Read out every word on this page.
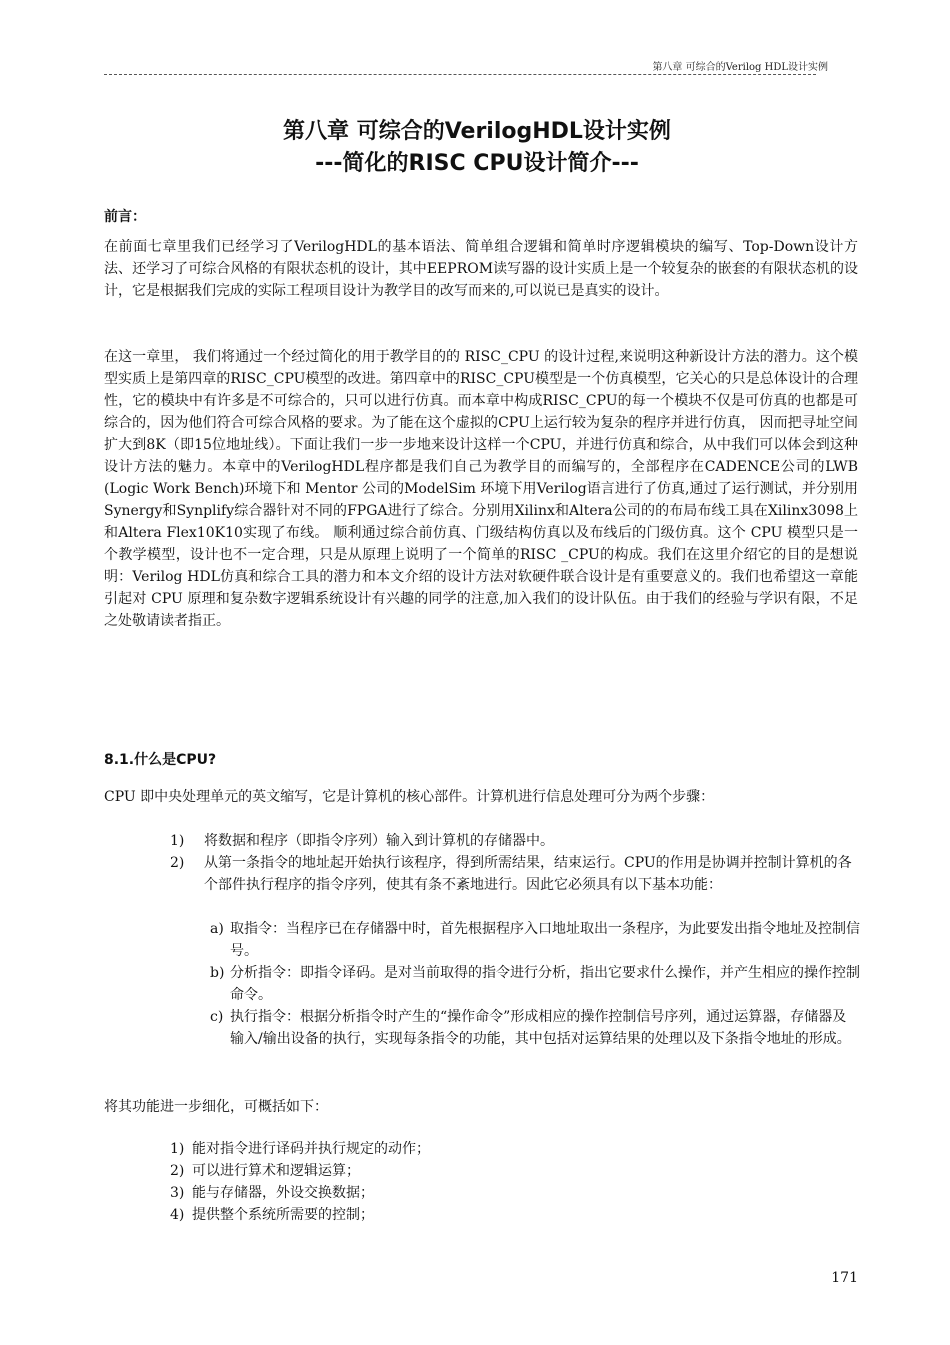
第八章 可综合的Verilog HDL设计实例
第八章 可综合的VerilogHDL设计实例
---简化的RISC CPU设计简介---
前言：

在前面七章里我们已经学习了VerilogHDL的基本语法、简单组合逻辑和简单时序逻辑模块的编写、Top-Down设计方法、还学习了可综合风格的有限状态机的设计，其中EEPROM读写器的设计实质上是一个较复杂的嵌套的有限状态机的设计，它是根据我们完成的实际工程项目设计为教学目的改写而来的,可以说已是真实的设计。

在这一章里， 我们将通过一个经过简化的用于教学目的的 RISC_CPU 的设计过程,来说明这种新设计方法的潜力。这个模型实质上是第四章的RISC_CPU模型的改进。第四章中的RISC_CPU模型是一个仿真模型，它关心的只是总体设计的合理性，它的模块中有许多是不可综合的，只可以进行仿真。而本章中构成RISC_CPU的每一个模块不仅是可仿真的也都是可综合的，因为他们符合可综合风格的要求。为了能在这个虚拟的CPU上运行较为复杂的程序并进行仿真， 因而把寻址空间扩大到8K（即15位地址线）。下面让我们一步一步地来设计这样一个CPU，并进行仿真和综合，从中我们可以体会到这种设计方法的魅力。本章中的VerilogHDL程序都是我们自己为教学目的而编写的，全部程序在CADENCE公司的LWB (Logic Work Bench)环境下和 Mentor 公司的ModelSim 环境下用Verilog语言进行了仿真,通过了运行测试，并分别用Synergy和Synplify综合器针对不同的FPGA进行了综合。分别用Xilinx和Altera公司的的布局布线工具在Xilinx3098上和Altera Flex10K10实现了布线。 顺利通过综合前仿真、门级结构仿真以及布线后的门级仿真。这个 CPU 模型只是一个教学模型，设计也不一定合理，只是从原理上说明了一个简单的RISC _CPU的构成。我们在这里介绍它的目的是想说明：Verilog HDL仿真和综合工具的潜力和本文介绍的设计方法对软硬件联合设计是有重要意义的。我们也希望这一章能引起对 CPU 原理和复杂数字逻辑系统设计有兴趣的同学的注意,加入我们的设计队伍。由于我们的经验与学识有限，不足之处敬请读者指正。

8.1.什么是CPU?

CPU 即中央处理单元的英文缩写，它是计算机的核心部件。计算机进行信息处理可分为两个步骤：

1) 将数据和程序（即指令序列）输入到计算机的存储器中。
2) 从第一条指令的地址起开始执行该程序，得到所需结果，结束运行。CPU的作用是协调并控制计算机的各个部件执行程序的指令序列，使其有条不紊地进行。因此它必须具有以下基本功能：
a) 取指令：当程序已在存储器中时，首先根据程序入口地址取出一条程序，为此要发出指令地址及控制信号。
b) 分析指令：即指令译码。是对当前取得的指令进行分析，指出它要求什么操作，并产生相应的操作控制命令。
c) 执行指令：根据分析指令时产生的“操作命令”形成相应的操作控制信号序列，通过运算器，存储器及输入/输出设备的执行，实现每条指令的功能，其中包括对运算结果的处理以及下条指令地址的形成。

将其功能进一步细化，可概括如下：

1) 能对指令进行译码并执行规定的动作；
2) 可以进行算术和逻辑运算；
3) 能与存储器，外设交换数据；
4) 提供整个系统所需要的控制；
171
